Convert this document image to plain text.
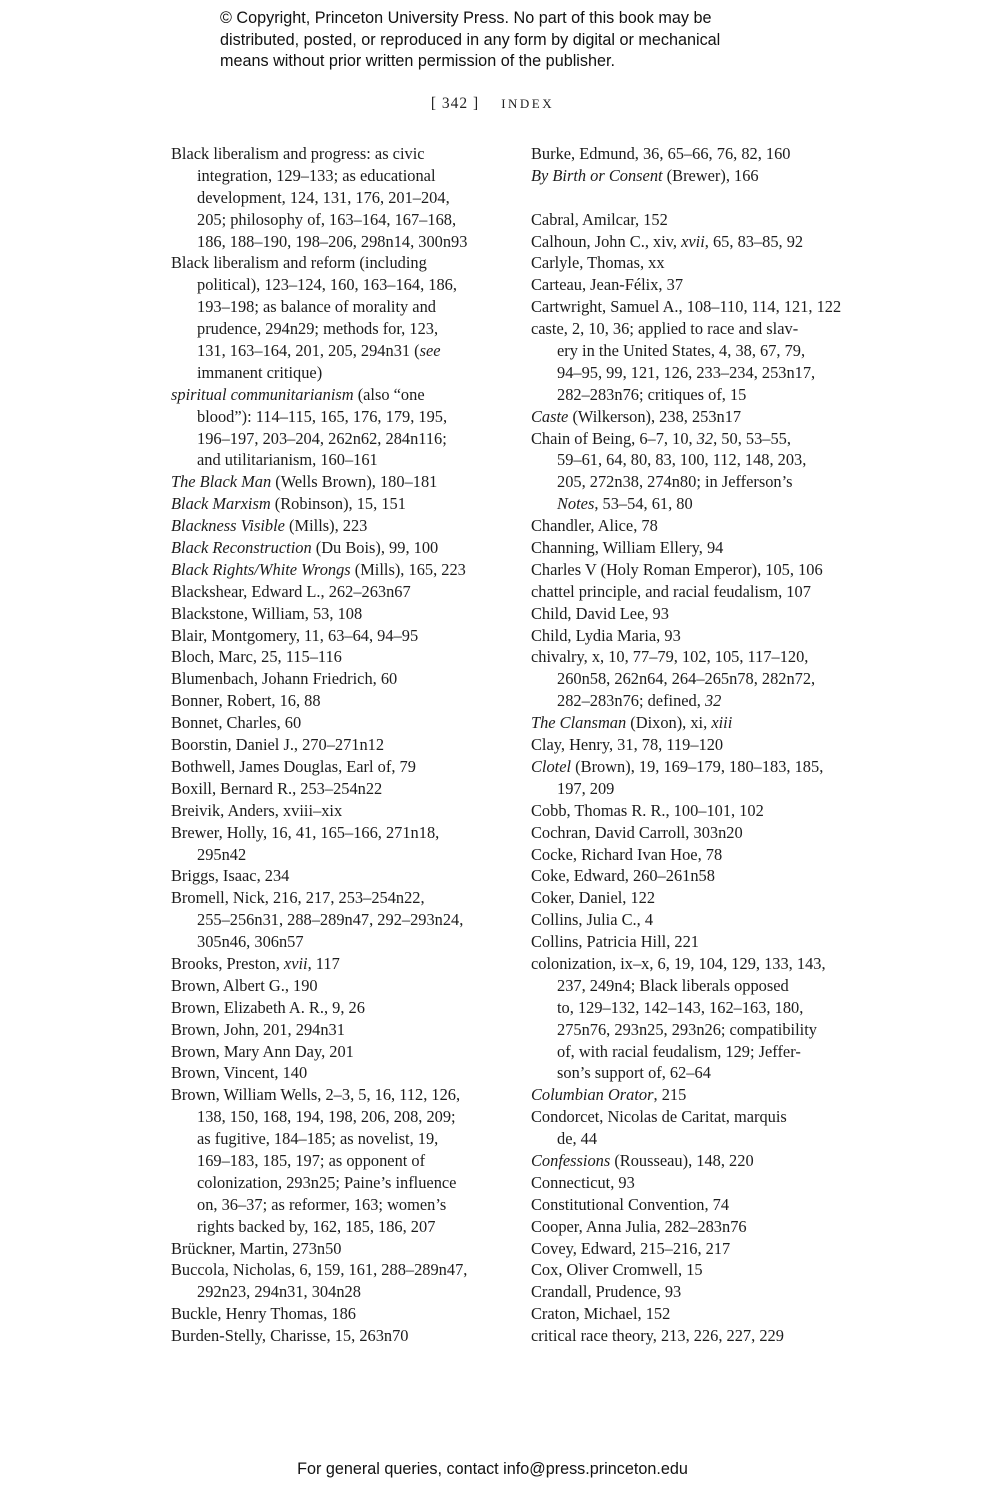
© Copyright, Princeton University Press. No part of this book may be
distributed, posted, or reproduced in any form by digital or mechanical
means without prior written permission of the publisher.
[ 342 ] INDEX
Black liberalism and progress: as civic
integration, 129–133; as educational
development, 124, 131, 176, 201–204,
205; philosophy of, 163–164, 167–168,
186, 188–190, 198–206, 298n14, 300n93
Black liberalism and reform (including
political), 123–124, 160, 163–164, 186,
193–198; as balance of morality and
prudence, 294n29; methods for, 123,
131, 163–164, 201, 205, 294n31 (see
immanent critique)
spiritual communitarianism (also “one
blood”): 114–115, 165, 176, 179, 195,
196–197, 203–204, 262n62, 284n116;
and utilitarianism, 160–161
The Black Man (Wells Brown), 180–181
Black Marxism (Robinson), 15, 151
Blackness Visible (Mills), 223
Black Reconstruction (Du Bois), 99, 100
Black Rights/White Wrongs (Mills), 165, 223
Blackshear, Edward L., 262–263n67
Blackstone, William, 53, 108
Blair, Montgomery, 11, 63–64, 94–95
Bloch, Marc, 25, 115–116
Blumenbach, Johann Friedrich, 60
Bonner, Robert, 16, 88
Bonnet, Charles, 60
Boorstin, Daniel J., 270–271n12
Bothwell, James Douglas, Earl of, 79
Boxill, Bernard R., 253–254n22
Breivik, Anders, xviii–xix
Brewer, Holly, 16, 41, 165–166, 271n18,
295n42
Briggs, Isaac, 234
Bromell, Nick, 216, 217, 253–254n22,
255–256n31, 288–289n47, 292–293n24,
305n46, 306n57
Brooks, Preston, xvii, 117
Brown, Albert G., 190
Brown, Elizabeth A. R., 9, 26
Brown, John, 201, 294n31
Brown, Mary Ann Day, 201
Brown, Vincent, 140
Brown, William Wells, 2–3, 5, 16, 112, 126,
138, 150, 168, 194, 198, 206, 208, 209;
as fugitive, 184–185; as novelist, 19,
169–183, 185, 197; as opponent of
colonization, 293n25; Paine’s influence
on, 36–37; as reformer, 163; women’s
rights backed by, 162, 185, 186, 207
Brückner, Martin, 273n50
Buccola, Nicholas, 6, 159, 161, 288–289n47,
292n23, 294n31, 304n28
Buckle, Henry Thomas, 186
Burden-Stelly, Charisse, 15, 263n70
Burke, Edmund, 36, 65–66, 76, 82, 160
By Birth or Consent (Brewer), 166
Cabral, Amilcar, 152
Calhoun, John C., xiv, xvii, 65, 83–85, 92
Carlyle, Thomas, xx
Carteau, Jean-Félix, 37
Cartwright, Samuel A., 108–110, 114, 121, 122
caste, 2, 10, 36; applied to race and slav-
ery in the United States, 4, 38, 67, 79,
94–95, 99, 121, 126, 233–234, 253n17,
282–283n76; critiques of, 15
Caste (Wilkerson), 238, 253n17
Chain of Being, 6–7, 10, 32, 50, 53–55,
59–61, 64, 80, 83, 100, 112, 148, 203,
205, 272n38, 274n80; in Jefferson’s
Notes, 53–54, 61, 80
Chandler, Alice, 78
Channing, William Ellery, 94
Charles V (Holy Roman Emperor), 105, 106
chattel principle, and racial feudalism, 107
Child, David Lee, 93
Child, Lydia Maria, 93
chivalry, x, 10, 77–79, 102, 105, 117–120,
260n58, 262n64, 264–265n78, 282n72,
282–283n76; defined, 32
The Clansman (Dixon), xi, xiii
Clay, Henry, 31, 78, 119–120
Clotel (Brown), 19, 169–179, 180–183, 185,
197, 209
Cobb, Thomas R. R., 100–101, 102
Cochran, David Carroll, 303n20
Cocke, Richard Ivan Hoe, 78
Coke, Edward, 260–261n58
Coker, Daniel, 122
Collins, Julia C., 4
Collins, Patricia Hill, 221
colonization, ix–x, 6, 19, 104, 129, 133, 143,
237, 249n4; Black liberals opposed
to, 129–132, 142–143, 162–163, 180,
275n76, 293n25, 293n26; compatibility
of, with racial feudalism, 129; Jeffer-
son’s support of, 62–64
Columbian Orator, 215
Condorcet, Nicolas de Caritat, marquis
de, 44
Confessions (Rousseau), 148, 220
Connecticut, 93
Constitutional Convention, 74
Cooper, Anna Julia, 282–283n76
Covey, Edward, 215–216, 217
Cox, Oliver Cromwell, 15
Crandall, Prudence, 93
Craton, Michael, 152
critical race theory, 213, 226, 227, 229
For general queries, contact info@press.princeton.edu
